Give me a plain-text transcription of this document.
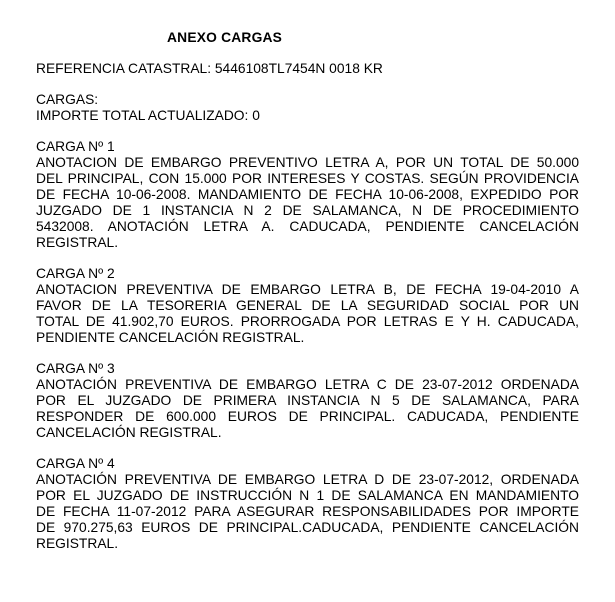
ANEXO CARGAS
REFERENCIA CATASTRAL: 5446108TL7454N 0018 KR
CARGAS:
IMPORTE TOTAL ACTUALIZADO: 0
CARGA Nº 1
ANOTACION DE EMBARGO PREVENTIVO LETRA A, POR UN TOTAL DE 50.000
DEL PRINCIPAL, CON 15.000 POR INTERESES Y COSTAS. SEGÚN PROVIDENCIA
DE FECHA 10-06-2008. MANDAMIENTO DE FECHA 10-06-2008, EXPEDIDO POR
JUZGADO DE 1 INSTANCIA N 2 DE SALAMANCA, N DE PROCEDIMIENTO
5432008. ANOTACIÓN LETRA A. CADUCADA, PENDIENTE CANCELACIÓN
REGISTRAL.
CARGA Nº 2
ANOTACION PREVENTIVA DE EMBARGO LETRA B, DE FECHA 19-04-2010 A
FAVOR DE LA TESORERIA GENERAL DE LA SEGURIDAD SOCIAL POR UN
TOTAL DE 41.902,70 EUROS. PRORROGADA POR LETRAS E Y H. CADUCADA,
PENDIENTE CANCELACIÓN REGISTRAL.
CARGA Nº 3
ANOTACIÓN PREVENTIVA DE EMBARGO LETRA C DE 23-07-2012 ORDENADA
POR EL JUZGADO DE PRIMERA INSTANCIA N 5 DE SALAMANCA, PARA
RESPONDER DE 600.000 EUROS DE PRINCIPAL. CADUCADA, PENDIENTE
CANCELACIÓN REGISTRAL.
CARGA Nº 4
ANOTACIÓN PREVENTIVA DE EMBARGO LETRA D DE 23-07-2012, ORDENADA
POR EL JUZGADO DE INSTRUCCIÓN N 1 DE SALAMANCA EN MANDAMIENTO
DE FECHA 11-07-2012 PARA ASEGURAR RESPONSABILIDADES POR IMPORTE
DE 970.275,63 EUROS DE PRINCIPAL.CADUCADA, PENDIENTE CANCELACIÓN
REGISTRAL.
